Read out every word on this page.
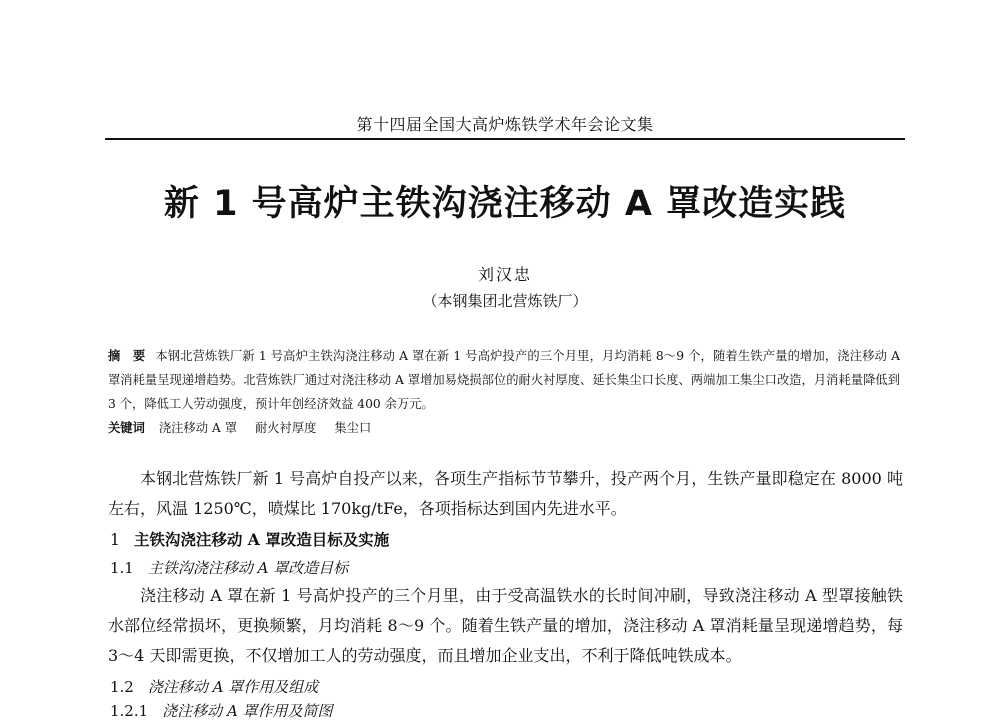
第十四届全国大高炉炼铁学术年会论文集
新 1 号高炉主铁沟浇注移动 A 罩改造实践
刘汉忠
（本钢集团北营炼铁厂）
摘　要 本钢北营炼铁厂新 1 号高炉主铁沟浇注移动 A 罩在新 1 号高炉投产的三个月里，月均消耗 8～9 个，随着生铁产量的增加，浇注移动 A 罩消耗量呈现递增趋势。北营炼铁厂通过对浇注移动 A 罩增加易烧损部位的耐火衬厚度、延长集尘口长度、两端加工集尘口改造，月消耗量降低到 3 个，降低工人劳动强度，预计年创经济效益 400 余万元。
关键词 浇注移动 A 罩 耐火衬厚度 集尘口
本钢北营炼铁厂新 1 号高炉自投产以来，各项生产指标节节攀升，投产两个月，生铁产量即稳定在 8000 吨左右，风温 1250℃，喷煤比 170kg/tFe，各项指标达到国内先进水平。
1 主铁沟浇注移动 A 罩改造目标及实施
1.1 主铁沟浇注移动 A 罩改造目标
浇注移动 A 罩在新 1 号高炉投产的三个月里，由于受高温铁水的长时间冲刷，导致浇注移动 A 型罩接触铁水部位经常损坏，更换频繁，月均消耗 8～9 个。随着生铁产量的增加，浇注移动 A 罩消耗量呈现递增趋势，每 3～4 天即需更换，不仅增加工人的劳动强度，而且增加企业支出，不利于降低吨铁成本。
1.2 浇注移动 A 罩作用及组成
1.2.1 浇注移动 A 罩作用及简图
